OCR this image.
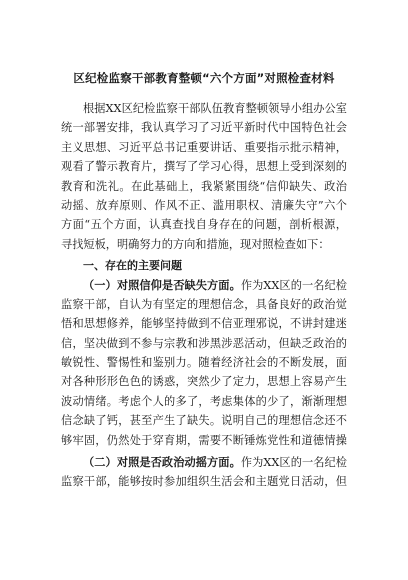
区纪检监察干部教育整顿“六个方面”对照检查材料
根据XX区纪检监察干部队伍教育整顿领导小组办公室
统一部署安排，我认真学习了习近平新时代中国特色社会
主义思想、习近平总书记重要讲话、重要指示批示精神，
观看了警示教育片，撰写了学习心得，思想上受到深刻的
教育和洗礼。在此基础上，我紧紧围绕“信仰缺失、政治
动摇、放弃原则、作风不正、滥用职权、清廉失守”六个
方面“五个方面，认真查找自身存在的问题，剖析根源，
寻找短板，明确努力的方向和措施，现对照检查如下：
一、存在的主要问题
（一）对照信仰是否缺失方面。作为XX区的一名纪检
监察干部，自认为有坚定的理想信念，具备良好的政治觉
悟和思想修养，能够坚持做到不信亚理邪说，不讲封建迷
信，坚决做到不参与宗教和涉黑涉恶活动，但缺乏政治的
敏锐性、警惕性和鉴别力。随着经济社会的不断发展，面
对各种形形色色的诱惑，突然少了定力，思想上容易产生
波动情绪。考虑个人的多了，考虑集体的少了，渐渐理想
信念缺了钙，甚至产生了缺失。说明自己的理想信念还不
够牢固，仍然处于穿育期，需要不断锤炼党性和道德情操
（二）对照是否政治动摇方面。作为XX区的一名纪检
监察干部，能够按时参加组织生活会和主题党日活动，但
